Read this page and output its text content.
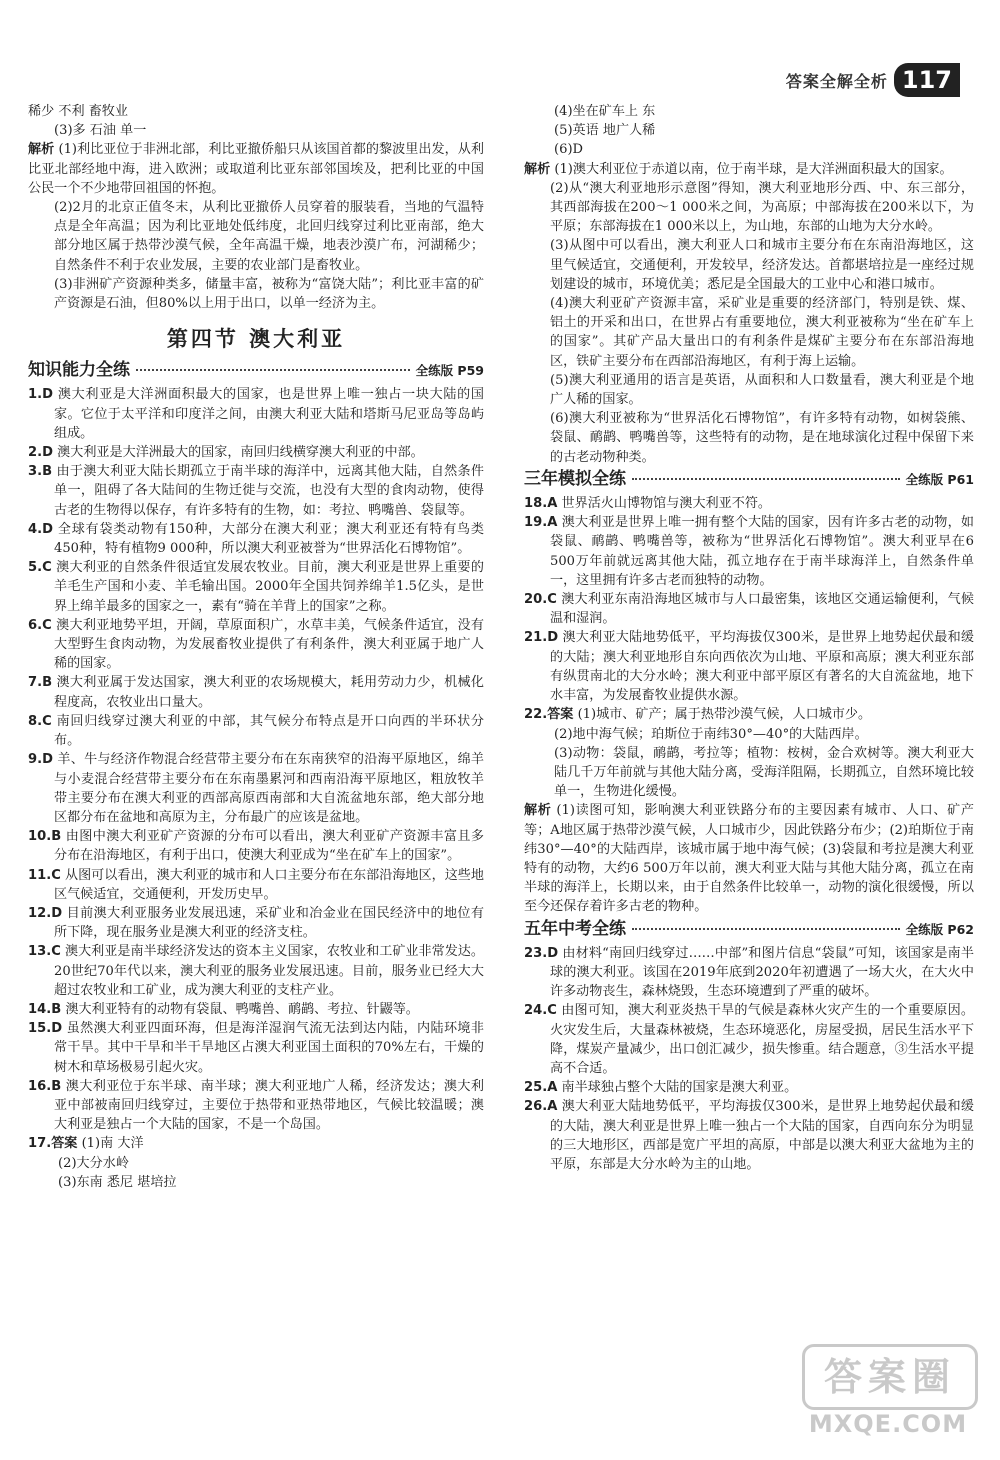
答案全解全析 117

稀少 不利 畜牧业

(3)多 石油 单一

解析 (1)利比亚位于非洲北部，利比亚撤侨船只从该国首都的黎波里出发，从利比亚北部经地中海，进入欧洲；或取道利比亚东部邻国埃及，把利比亚的中国公民一个不少地带回祖国的怀抱。

(2)2月的北京正值冬末，从利比亚撤侨人员穿着的服装看，当地的气温特点是全年高温；因为利比亚地处低纬度，北回归线穿过利比亚南部，绝大部分地区属于热带沙漠气候，全年高温干燥，地表沙漠广布，河湖稀少；自然条件不利于农业发展，主要的农业部门是畜牧业。

(3)非洲矿产资源种类多，储量丰富，被称为“富饶大陆”；利比亚丰富的矿产资源是石油，但80%以上用于出口，以单一经济为主。

第四节 澳大利亚

知识能力全练	全练版 P59

1.D 澳大利亚是大洋洲面积最大的国家，也是世界上唯一独占一块大陆的国家。它位于太平洋和印度洋之间，由澳大利亚大陆和塔斯马尼亚岛等岛屿组成。

2.D 澳大利亚是大洋洲最大的国家，南回归线横穿澳大利亚的中部。

3.B 由于澳大利亚大陆长期孤立于南半球的海洋中，远离其他大陆，自然条件单一，阻碍了各大陆间的生物迁徙与交流，也没有大型的食肉动物，使得古老的生物得以保存，有许多特有的生物，如：考拉、鸭嘴兽、袋鼠等。

4.D 全球有袋类动物有150种，大部分在澳大利亚；澳大利亚还有特有鸟类450种，特有植物9 000种，所以澳大利亚被誉为“世界活化石博物馆”。

5.C 澳大利亚的自然条件很适宜发展农牧业。目前，澳大利亚是世界上重要的羊毛生产国和小麦、羊毛输出国。2000年全国共饲养绵羊1.5亿头，是世界上绵羊最多的国家之一，素有“骑在羊背上的国家”之称。

6.C 澳大利亚地势平坦，开阔，草原面积广，水草丰美，气候条件适宜，没有大型野生食肉动物，为发展畜牧业提供了有利条件，澳大利亚属于地广人稀的国家。

7.B 澳大利亚属于发达国家，澳大利亚的农场规模大，耗用劳动力少，机械化程度高，农牧业出口量大。

8.C 南回归线穿过澳大利亚的中部，其气候分布特点是开口向西的半环状分布。

9.D 羊、牛与经济作物混合经营带主要分布在东南狭窄的沿海平原地区，绵羊与小麦混合经营带主要分布在东南墨累河和西南沿海平原地区，粗放牧羊带主要分布在澳大利亚的西部高原西南部和大自流盆地东部，绝大部分地区都分布在盆地和高原为主，分布最广的应该是盆地。

10.B 由图中澳大利亚矿产资源的分布可以看出，澳大利亚矿产资源丰富且多分布在沿海地区，有利于出口，使澳大利亚成为“坐在矿车上的国家”。

11.C 从图可以看出，澳大利亚的城市和人口主要分布在东部沿海地区，这些地区气候适宜，交通便利，开发历史早。

12.D 目前澳大利亚服务业发展迅速，采矿业和冶金业在国民经济中的地位有所下降，现在服务业是澳大利亚的经济支柱。

13.C 澳大利亚是南半球经济发达的资本主义国家，农牧业和工矿业非常发达。20世纪70年代以来，澳大利亚的服务业发展迅速。目前，服务业已经大大超过农牧业和工矿业，成为澳大利亚的支柱产业。

14.B 澳大利亚特有的动物有袋鼠、鸭嘴兽、鸸鹋、考拉、针鼹等。

15.D 虽然澳大利亚四面环海，但是海洋湿润气流无法到达内陆，内陆环境非常干旱。其中干旱和半干旱地区占澳大利亚国土面积的70%左右，干燥的树木和草场极易引起火灾。

16.B 澳大利亚位于东半球、南半球；澳大利亚地广人稀，经济发达；澳大利亚中部被南回归线穿过，主要位于热带和亚热带地区，气候比较温暖；澳大利亚是独占一个大陆的国家，不是一个岛国。

17.答案 (1)南 大洋

(2)大分水岭

(3)东南 悉尼 堪培拉

(4)坐在矿车上 东

(5)英语 地广人稀

(6)D

解析 (1)澳大利亚位于赤道以南，位于南半球，是大洋洲面积最大的国家。

(2)从“澳大利亚地形示意图”得知，澳大利亚地形分西、中、东三部分，其西部海拔在200～1 000米之间，为高原；中部海拔在200米以下，为平原；东部海拔在1 000米以上，为山地，东部的山地为大分水岭。

(3)从图中可以看出，澳大利亚人口和城市主要分布在东南沿海地区，这里气候适宜，交通便利，开发较早，经济发达。首都堪培拉是一座经过规划建设的城市，环境优美；悉尼是全国最大的工业中心和港口城市。

(4)澳大利亚矿产资源丰富，采矿业是重要的经济部门，特别是铁、煤、铝土的开采和出口，在世界占有重要地位，澳大利亚被称为“坐在矿车上的国家”。其矿产品大量出口的有利条件是煤矿主要分布在东部沿海地区，铁矿主要分布在西部沿海地区，有利于海上运输。

(5)澳大利亚通用的语言是英语，从面积和人口数量看，澳大利亚是个地广人稀的国家。

(6)澳大利亚被称为“世界活化石博物馆”，有许多特有动物，如树袋熊、袋鼠、鸸鹋、鸭嘴兽等，这些特有的动物，是在地球演化过程中保留下来的古老动物种类。

三年模拟全练	全练版 P61

18.A 世界活火山博物馆与澳大利亚不符。

19.A 澳大利亚是世界上唯一拥有整个大陆的国家，因有许多古老的动物，如袋鼠、鸸鹋、鸭嘴兽等，被称为“世界活化石博物馆”。澳大利亚早在6 500万年前就远离其他大陆，孤立地存在于南半球海洋上，自然条件单一，这里拥有许多古老而独特的动物。

20.C 澳大利亚东南沿海地区城市与人口最密集，该地区交通运输便利，气候温和湿润。

21.D 澳大利亚大陆地势低平，平均海拔仅300米，是世界上地势起伏最和缓的大陆；澳大利亚地形自东向西依次为山地、平原和高原；澳大利亚东部有纵贯南北的大分水岭；澳大利亚中部平原区有著名的大自流盆地，地下水丰富，为发展畜牧业提供水源。

22.答案 (1)城市、矿产；属于热带沙漠气候，人口城市少。

(2)地中海气候；珀斯位于南纬30°—40°的大陆西岸。

(3)动物：袋鼠，鸸鹋，考拉等；植物：桉树，金合欢树等。澳大利亚大陆几千万年前就与其他大陆分离，受海洋阻隔，长期孤立，自然环境比较单一，生物进化缓慢。

解析 (1)读图可知，影响澳大利亚铁路分布的主要因素有城市、人口、矿产等；A地区属于热带沙漠气候，人口城市少，因此铁路分布少；(2)珀斯位于南纬30°—40°的大陆西岸，该城市属于地中海气候；(3)袋鼠和考拉是澳大利亚特有的动物，大约6 500万年以前，澳大利亚大陆与其他大陆分离，孤立在南半球的海洋上，长期以来，由于自然条件比较单一，动物的演化很缓慢，所以至今还保存着许多古老的物种。

五年中考全练	全练版 P62

23.D 由材料“南回归线穿过……中部”和图片信息“袋鼠”可知，该国家是南半球的澳大利亚。该国在2019年底到2020年初遭遇了一场大火，在大火中许多动物丧生，森林烧毁，生态环境遭到了严重的破坏。

24.C 由图可知，澳大利亚炎热干旱的气候是森林火灾产生的一个重要原因。火灾发生后，大量森林被烧，生态环境恶化，房屋受损，居民生活水平下降，煤炭产量减少，出口创汇减少，损失惨重。结合题意，③生活水平提高不合适。

25.A 南半球独占整个大陆的国家是澳大利亚。

26.A 澳大利亚大陆地势低平，平均海拔仅300米，是世界上地势起伏最和缓的大陆，澳大利亚是世界上唯一独占一个大陆的国家，自西向东分为明显的三大地形区，西部是宽广平坦的高原，中部是以澳大利亚大盆地为主的平原，东部是大分水岭为主的山地。

答案圈
MXQE.COM
